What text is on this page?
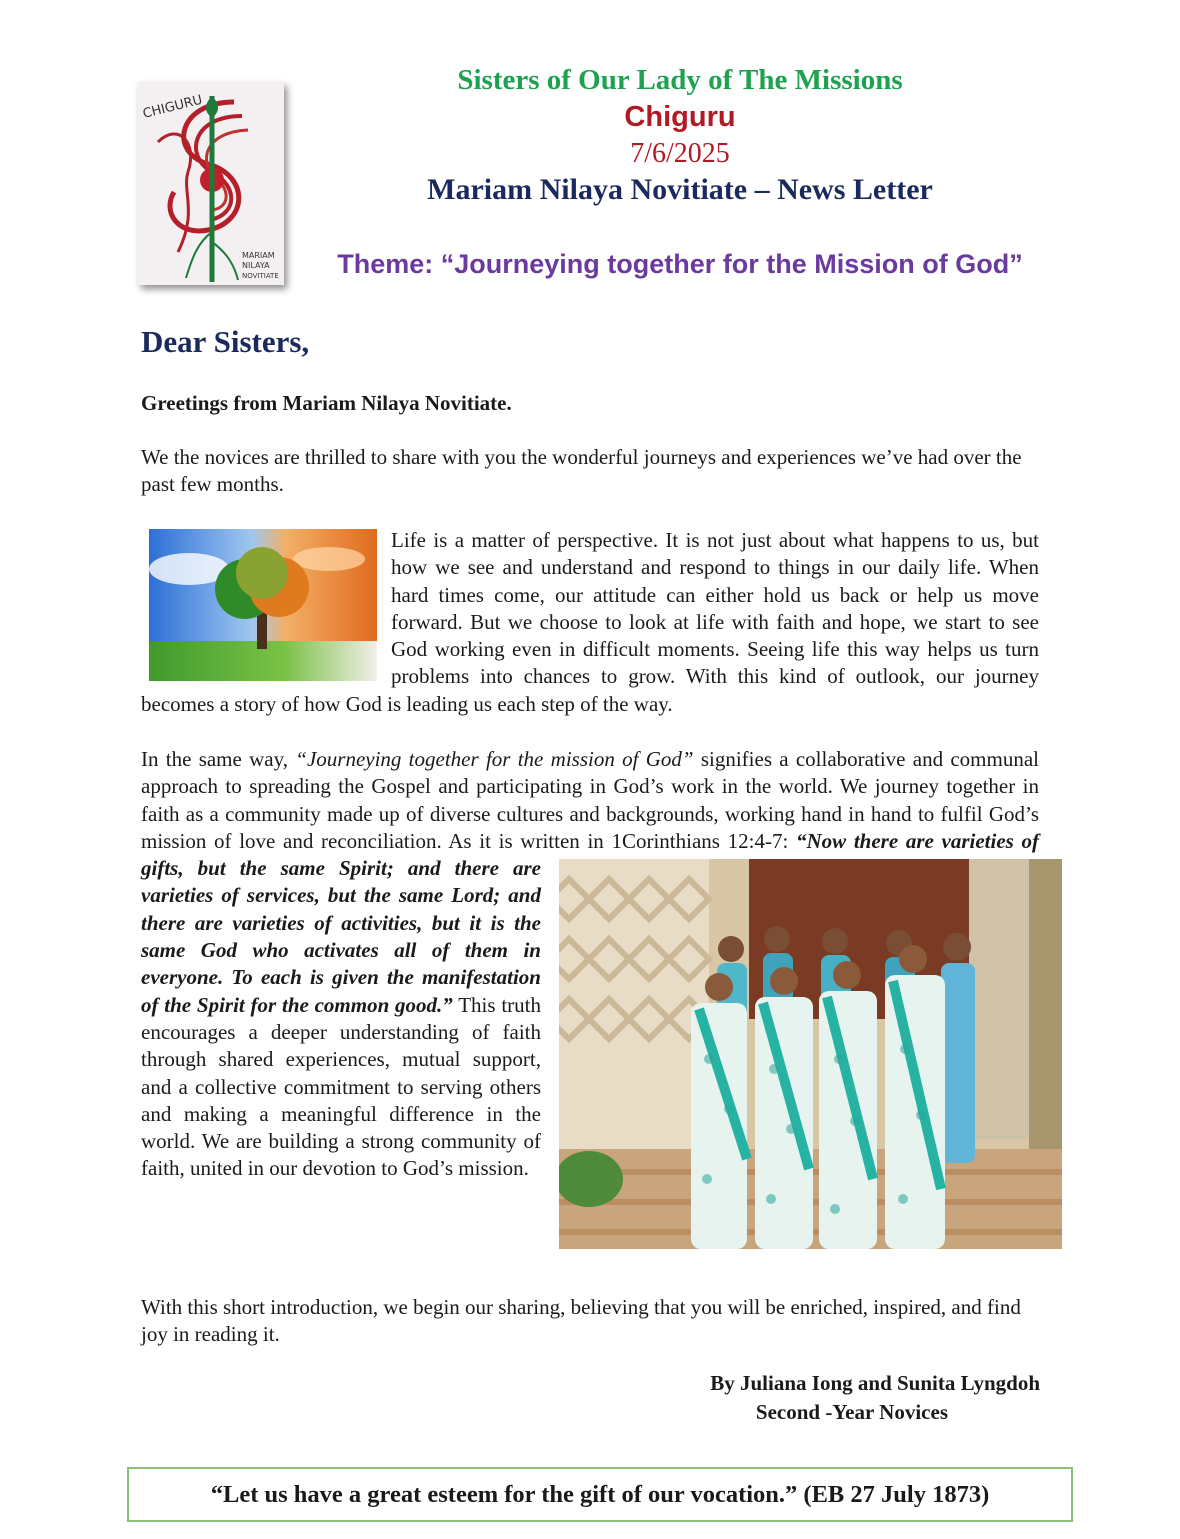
CHIGURU
MARIAM
NILAYA
NOVITIATE

Sisters of Our Lady of The Missions

Chiguru

7/6/2025

Mariam Nilaya Novitiate – News Letter

Theme: “Journeying together for the Mission of God”

Dear Sisters,

Greetings from Mariam Nilaya Novitiate.

We the novices are thrilled to share with you the wonderful journeys and experiences we’ve had over the past few months.

Life is a matter of perspective. It is not just about what happens to us, but how we see and understand and respond to things in our daily life. When hard times come, our attitude can either hold us back or help us move forward. But we choose to look at life with faith and hope, we start to see God working even in difficult moments. Seeing life this way helps us turn problems into chances to grow. With this kind of outlook, our journey becomes a story of how God is leading us each step of the way.
In the same way, “Journeying together for the mission of God” signifies a collaborative and communal approach to spreading the Gospel and participating in God’s work in the world. We journey together in faith as a community made up of diverse cultures and backgrounds, working hand in hand to fulfil God’s mission of love and reconciliation. As it is written in 1Corinthians 12:4-7:
“Now there are varieties of gifts, but the same Spirit; and there are varieties of services, but the same Lord; and there are varieties of activities, but it is the same God who activates all of them in everyone. To each is given the manifestation of the Spirit for the common good.” This truth encourages a deeper understanding of faith through shared experiences, mutual support, and a collective commitment to serving others and making a meaningful difference in the world. We are building a strong community of faith, united in our devotion to God’s mission.

With this short introduction, we begin our sharing, believing that you will be enriched, inspired, and find joy in reading it.

By Juliana Iong and Sunita Lyngdoh

Second -Year Novices

“Let us have a great esteem for the gift of our vocation.” (EB 27 July 1873)
